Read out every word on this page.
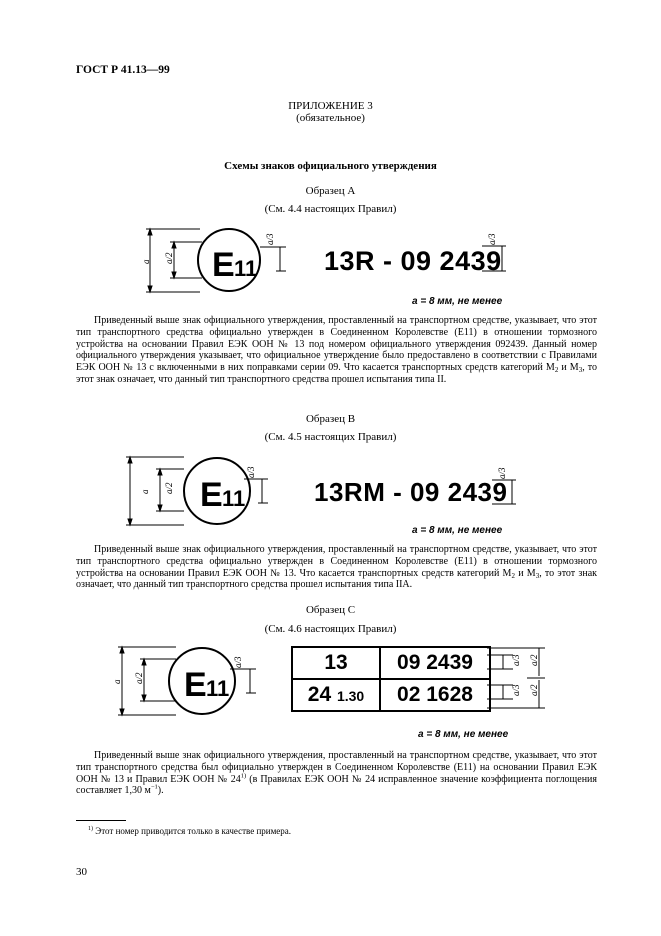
ГОСТ Р 41.13—99
ПРИЛОЖЕНИЕ 3
(обязательное)
Схемы знаков официального утверждения
Образец А
(См. 4.4 настоящих Правил)
E 11
a a/2
a/3
13R - 09 2439
a/3
a = 8 мм, не менее
Приведенный выше знак официального утверждения, проставленный на транспортном средстве, указывает, что этот тип транспортного средства официально утвержден в Соединенном Королевстве (Е11) в отношении тормозного устройства на основании Правил ЕЭК ООН № 13 под номером официального утверждения 092439. Данный номер официального утверждения указывает, что официальное утверждение было предоставлено в соответствии с Правилами ЕЭК ООН № 13 с включенными в них поправками серии 09. Что касается транспортных средств категорий $M_2$ и $M_3$, то этот знак означает, что данный тип транспортного средства прошел испытания типа II.
Образец B
(См. 4.5 настоящих Правил)
E 11
a a/2
a/3
13RM - 09 2439
a/3
a = 8 мм, не менее
Приведенный выше знак официального утверждения, проставленный на транспортном средстве, указывает, что этот тип транспортного средства официально утвержден в Соединенном Королевстве (Е11) в отношении тормозного устройства на основании Правил ЕЭК ООН № 13. Что касается транспортных средств категорий $M_2$ и $M_3$, то этот знак означает, что данный тип транспортного средства прошел испытания типа IIA.
Образец С
(См. 4.6 настоящих Правил)
E 11
a a/2
a/3	13	09 2439
24 1.30	02 1628
a/3
a/3
a/2
a/2
a = 8 мм, не менее
Приведенный выше знак официального утверждения, проставленный на транспортном средстве, указывает, что этот тип транспортного средства был официально утвержден в Соединенном Королевстве (Е11) на основании Правил ЕЭК ООН № 13 и Правил ЕЭК ООН № 24$^{1)}$ (в Правилах ЕЭК ООН № 24 исправленное значение коэффициента поглощения составляет 1,30 $м^{-1}$).
$^{1)}$ Этот номер приводится только в качестве примера.
30
